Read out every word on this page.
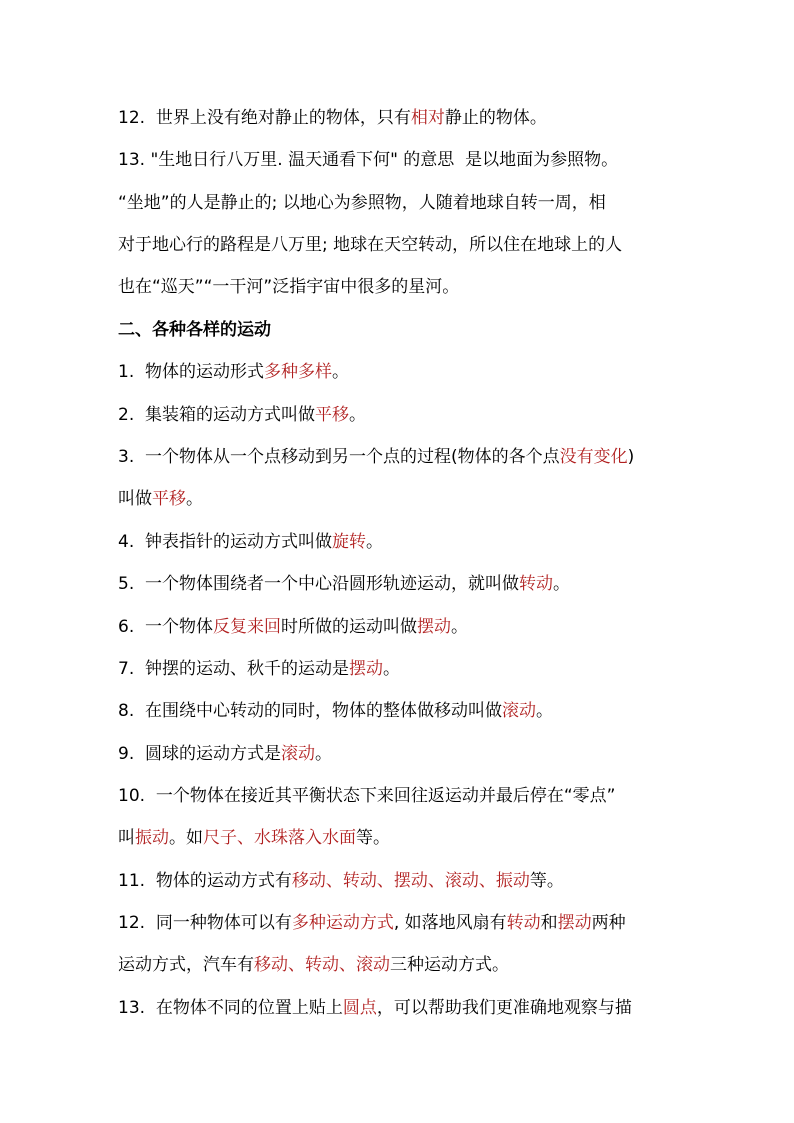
12.  世界上没有绝对静止的物体，只有相对静止的物体。
13. "生地日行八万里. 温天通看下何" 的意思  是以地面为参照物。
“坐地”的人是静止的; 以地心为参照物，人随着地球自转一周，相
对于地心行的路程是八万里; 地球在天空转动，所以住在地球上的人
也在“巡天”“一干河”泛指宇宙中很多的星河。
二、各种各样的运动
1.  物体的运动形式多种多样。
2.  集装箱的运动方式叫做平移。
3.  一个物体从一个点移动到另一个点的过程(物体的各个点没有变化)
叫做平移。
4.  钟表指针的运动方式叫做旋转。
5.  一个物体围绕者一个中心沿圆形轨迹运动，就叫做转动。
6.  一个物体反复来回时所做的运动叫做摆动。
7.  钟摆的运动、秋千的运动是摆动。
8.  在围绕中心转动的同时，物体的整体做移动叫做滚动。
9.  圆球的运动方式是滚动。
10.  一个物体在接近其平衡状态下来回往返运动并最后停在“零点”
叫振动。如尺子、水珠落入水面等。
11.  物体的运动方式有移动、转动、摆动、滚动、振动等。
12.  同一种物体可以有多种运动方式, 如落地风扇有转动和摆动两种
运动方式，汽车有移动、转动、滚动三种运动方式。
13.  在物体不同的位置上贴上圆点，可以帮助我们更准确地观察与描
